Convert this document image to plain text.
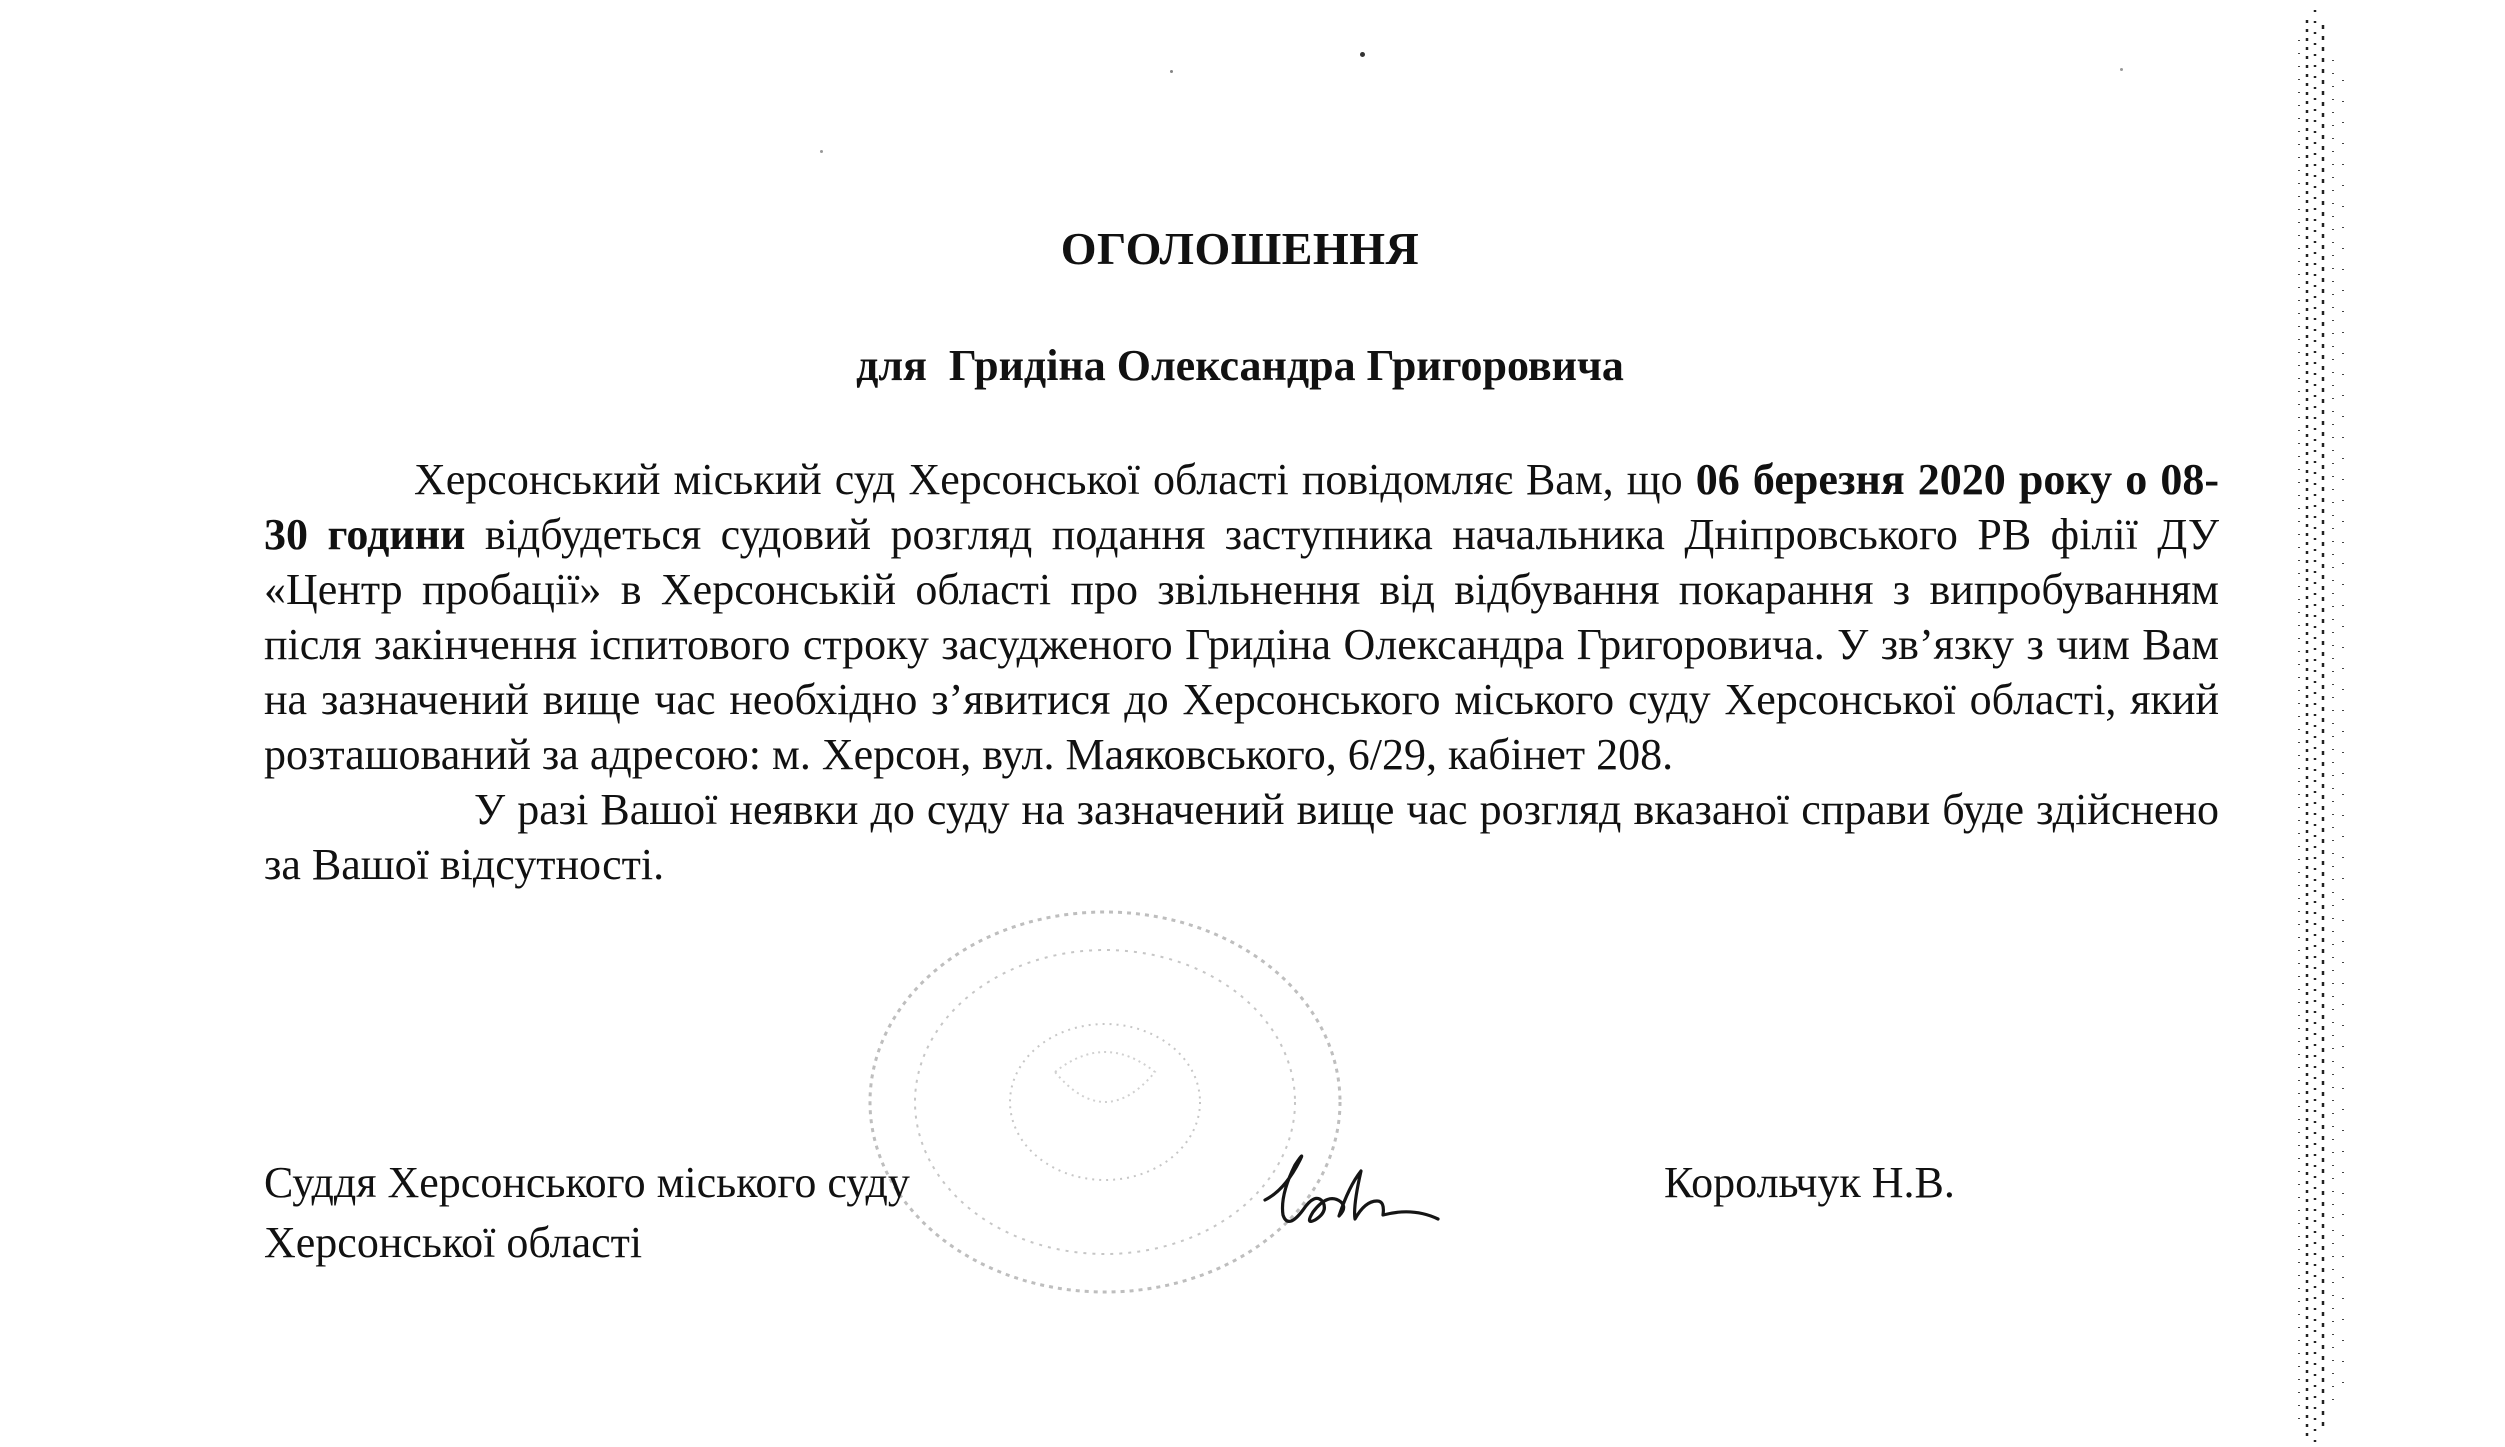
ОГОЛОШЕННЯ
для Гридіна Олександра Григоровича

Херсонський міський суд Херсонської області повідомляє Вам, що 06 березня 2020 року о 08-30 години відбудеться судовий розгляд подання заступника начальника Дніпровського РВ філії ДУ «Центр пробації» в Херсонській області про звільнення від відбування покарання з випробуванням після закінчення іспитового строку засудженого Гридіна Олександра Григоровича. У зв’язку з чим Вам на зазначений вище час необхідно з’явитися до Херсонського міського суду Херсонської області, який розташований за адресою: м. Херсон, вул. Маяковського, 6/29, кабінет 208.

У разі Вашої неявки до суду на зазначений вище час розгляд вказаної справи буде здійснено за Вашої відсутності.

Суддя Херсонського міського суду
Херсонської області
Корольчук Н.В.
